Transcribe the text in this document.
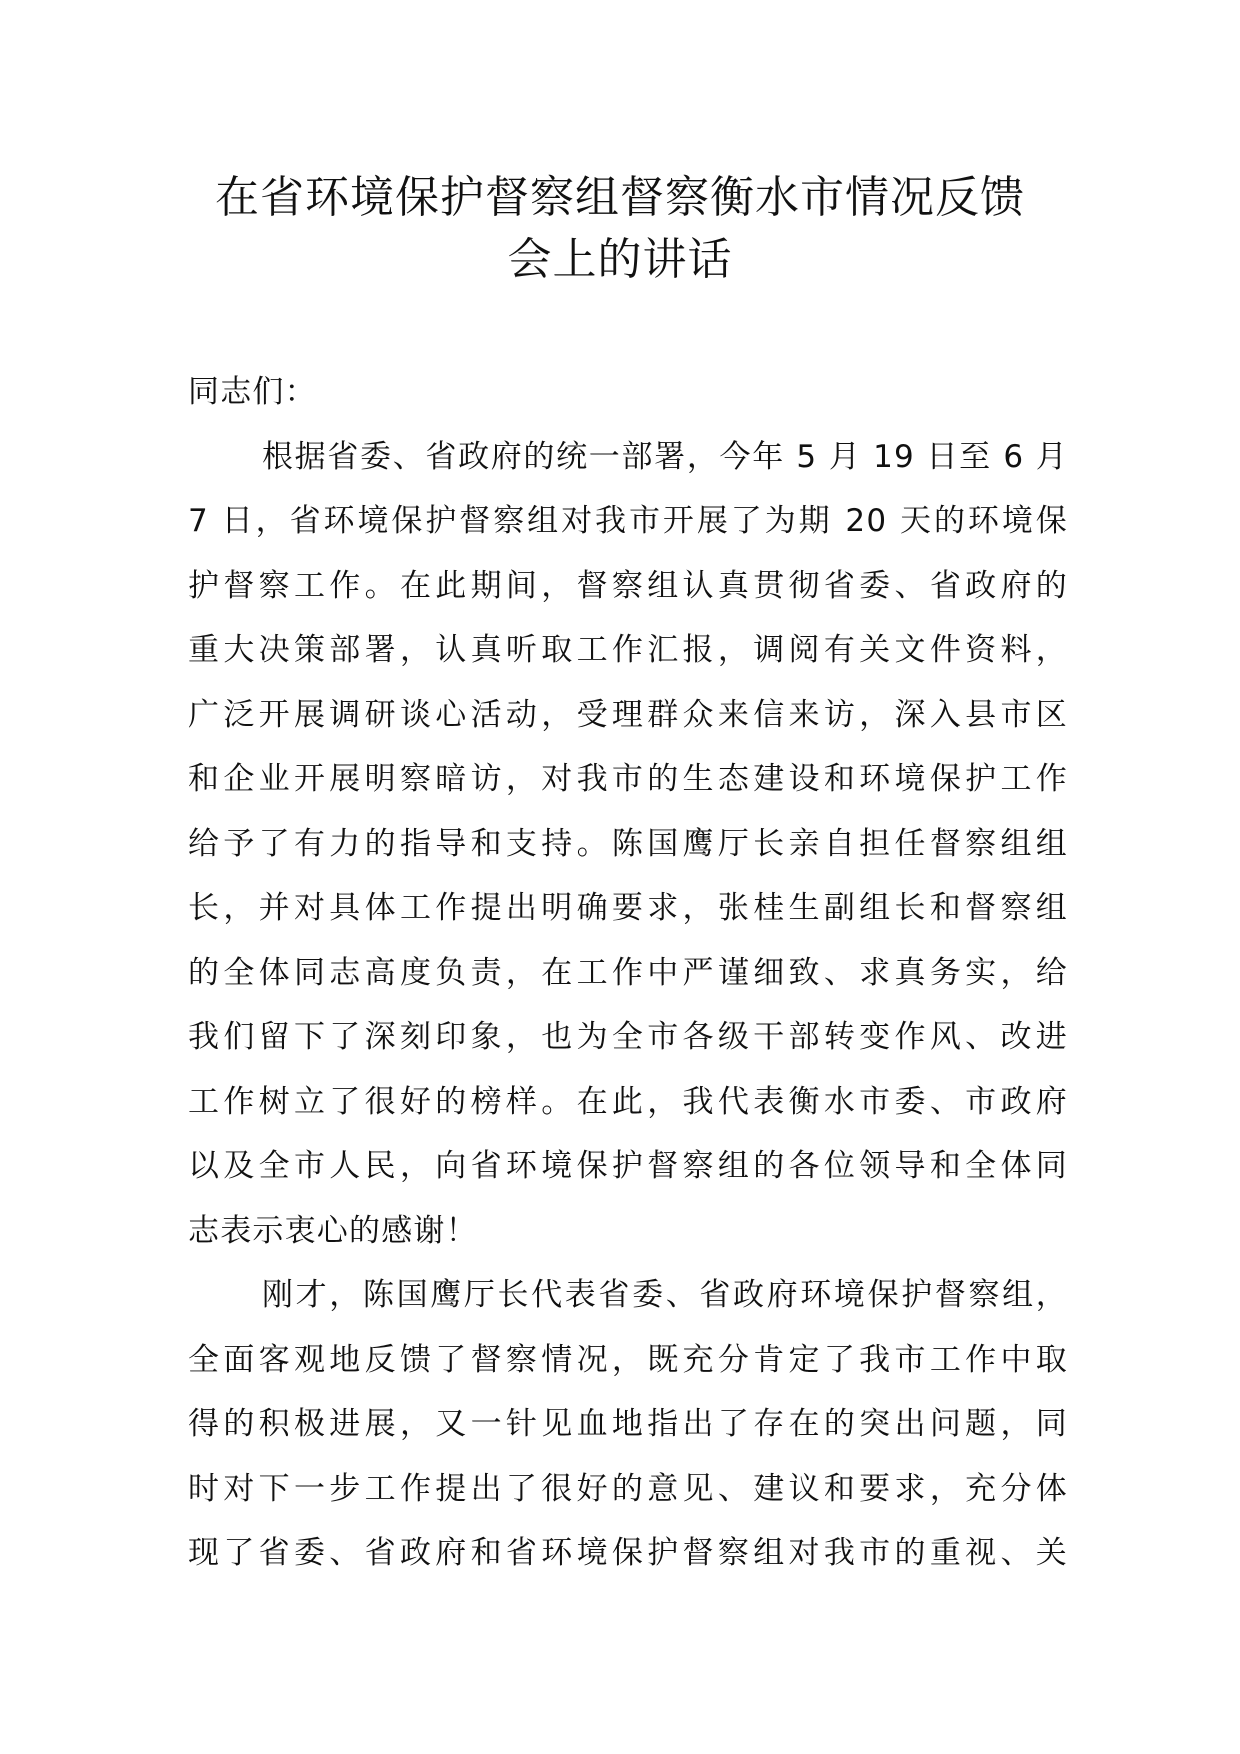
在省环境保护督察组督察衡水市情况反馈
会上的讲话
同志们：
根据省委、省政府的统一部署，今年 5 月 19 日至 6 月
7 日，省环境保护督察组对我市开展了为期 20 天的环境保
护督察工作。在此期间，督察组认真贯彻省委、省政府的
重大决策部署，认真听取工作汇报，调阅有关文件资料，
广泛开展调研谈心活动，受理群众来信来访，深入县市区
和企业开展明察暗访，对我市的生态建设和环境保护工作
给予了有力的指导和支持。陈国鹰厅长亲自担任督察组组
长，并对具体工作提出明确要求，张桂生副组长和督察组
的全体同志高度负责，在工作中严谨细致、求真务实，给
我们留下了深刻印象，也为全市各级干部转变作风、改进
工作树立了很好的榜样。在此，我代表衡水市委、市政府
以及全市人民，向省环境保护督察组的各位领导和全体同
志表示衷心的感谢！
刚才，陈国鹰厅长代表省委、省政府环境保护督察组，
全面客观地反馈了督察情况，既充分肯定了我市工作中取
得的积极进展，又一针见血地指出了存在的突出问题，同
时对下一步工作提出了很好的意见、建议和要求，充分体
现了省委、省政府和省环境保护督察组对我市的重视、关
